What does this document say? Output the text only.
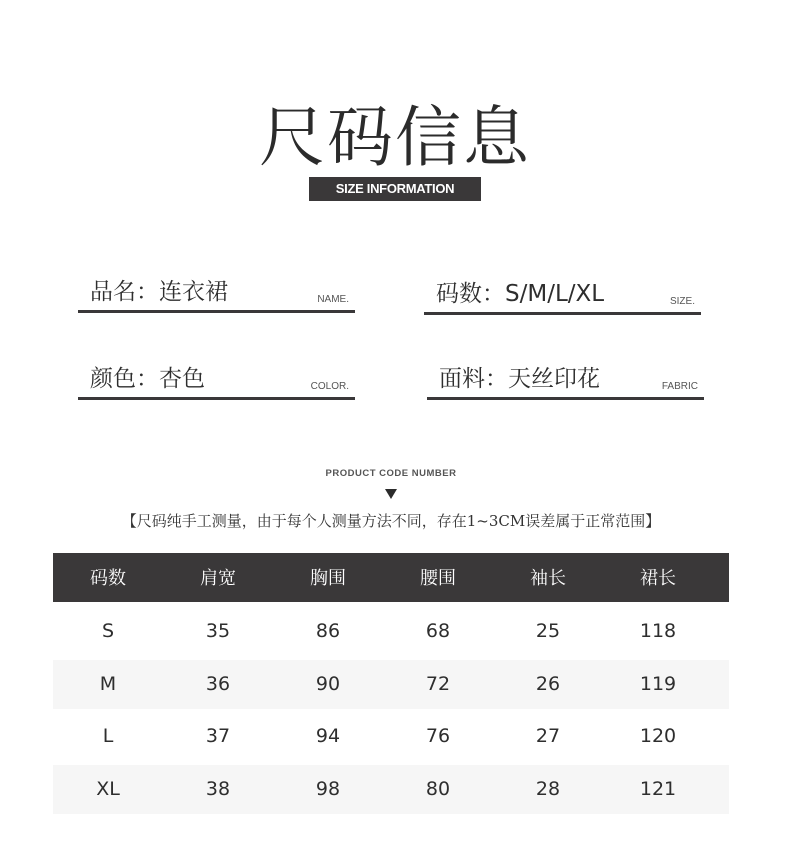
尺码信息
SIZE INFORMATION
品名：连衣裙	NAME.	码数：S/M/L/XL	SIZE.
颜色：杏色	COLOR.	面料：天丝印花	FABRIC
PRODUCT CODE NUMBER
【尺码纯手工测量，由于每个人测量方法不同，存在1~3CM误差属于正常范围】
码数	肩宽	胸围	腰围	袖长	裙长
S	35	86	68	25	118
M	36	90	72	26	119
L	37	94	76	27	120
XL	38	98	80	28	121
